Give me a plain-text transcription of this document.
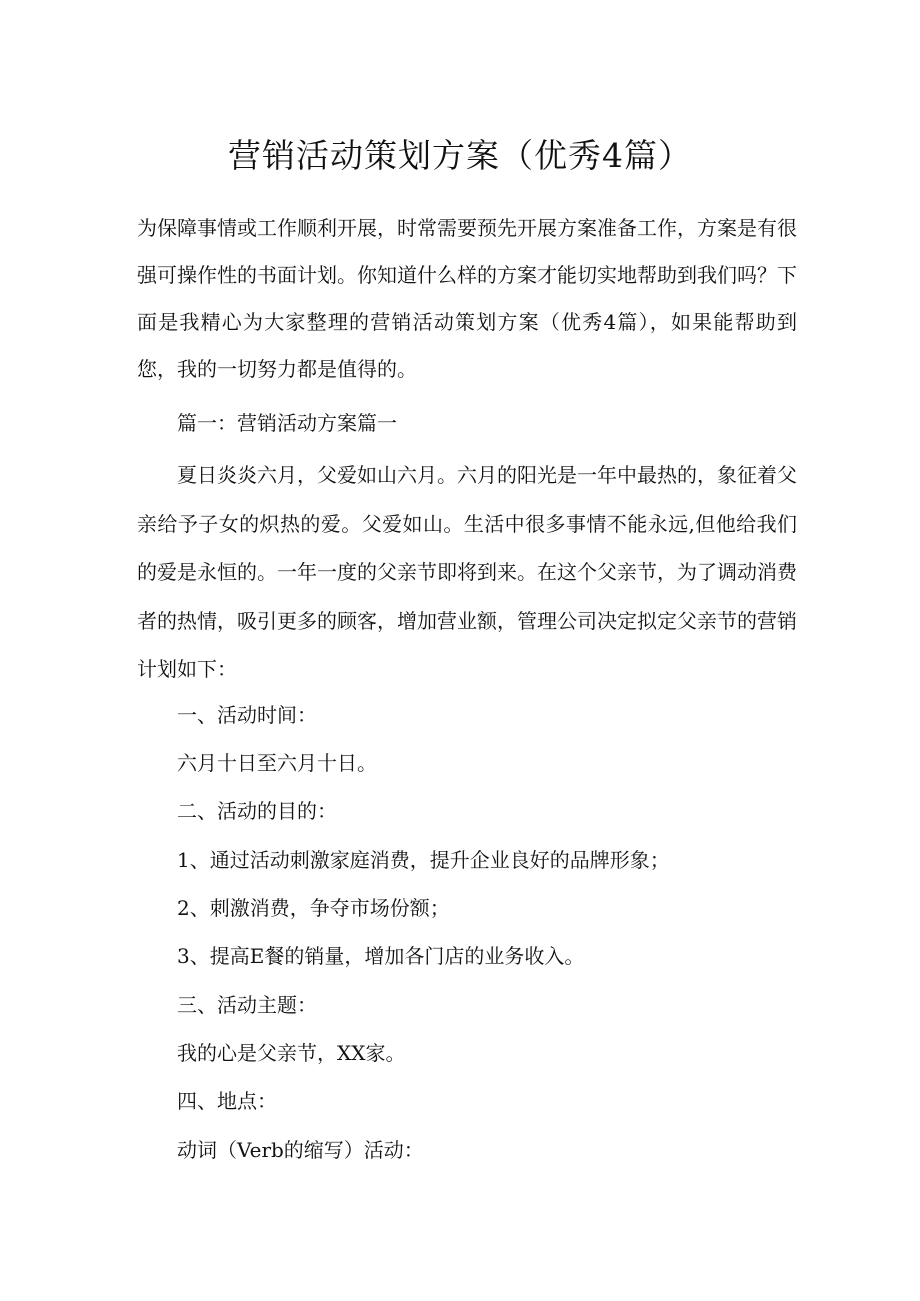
营销活动策划方案（优秀4篇）

为保障事情或工作顺利开展，时常需要预先开展方案准备工作，方案是有很强可操作性的书面计划。你知道什么样的方案才能切实地帮助到我们吗？下面是我精心为大家整理的营销活动策划方案（优秀4篇），如果能帮助到您，我的一切努力都是值得的。

篇一：营销活动方案篇一

夏日炎炎六月，父爱如山六月。六月的阳光是一年中最热的，象征着父亲给予子女的炽热的爱。父爱如山。生活中很多事情不能永远,但他给我们的爱是永恒的。一年一度的父亲节即将到来。在这个父亲节，为了调动消费者的热情，吸引更多的顾客，增加营业额，管理公司决定拟定父亲节的营销计划如下：

一、活动时间：

六月十日至六月十日。

二、活动的目的：

1、通过活动刺激家庭消费，提升企业良好的品牌形象；

2、刺激消费，争夺市场份额；

3、提高E餐的销量，增加各门店的业务收入。

三、活动主题：

我的心是父亲节，XX家。

四、地点：

动词（Verb的缩写）活动：
